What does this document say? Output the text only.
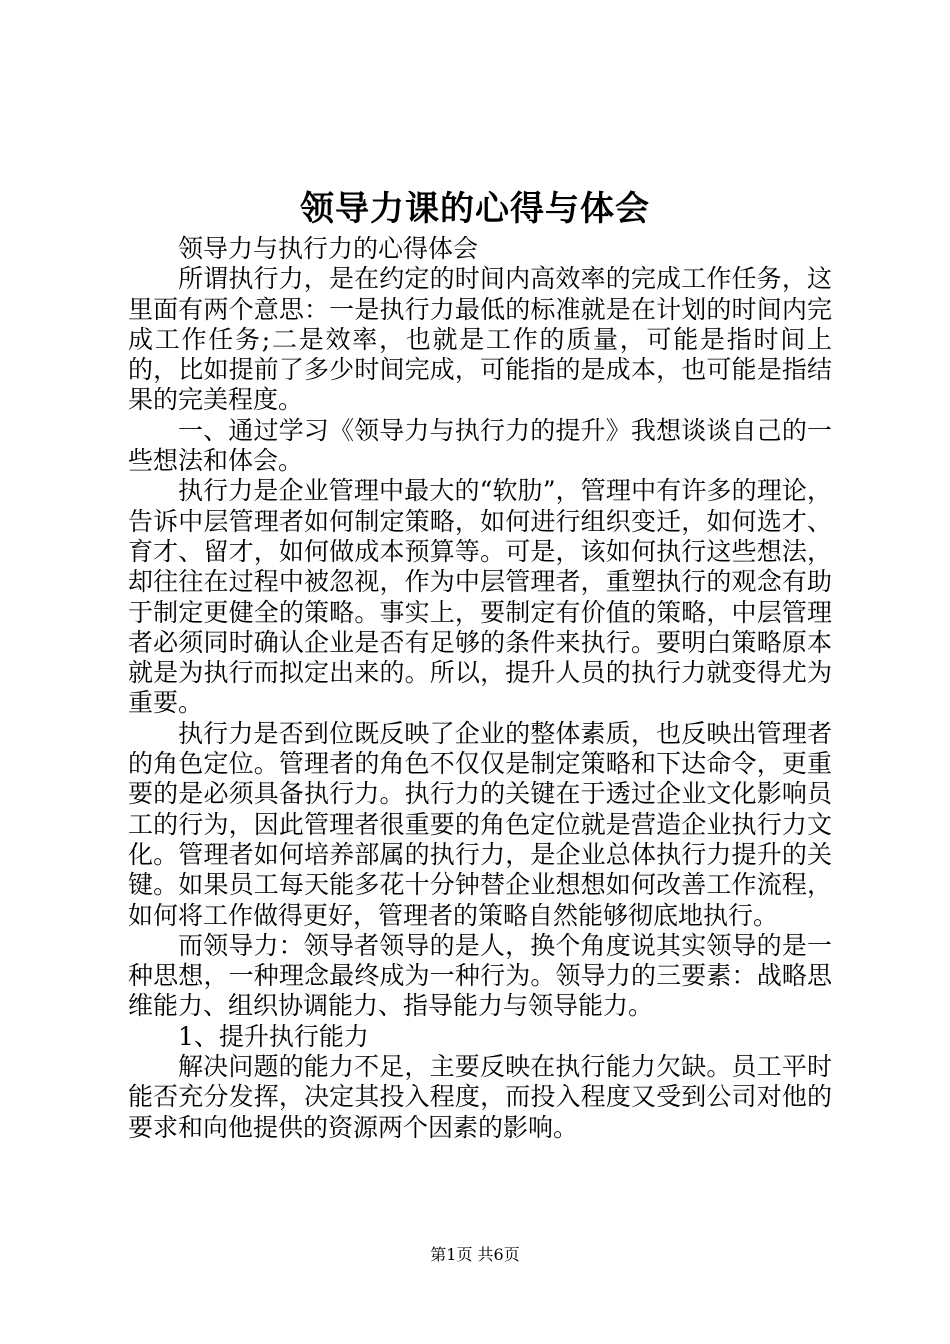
领导力课的心得与体会

领导力与执行力的心得体会

所谓执行力，是在约定的时间内高效率的完成工作任务，这里面有两个意思：一是执行力最低的标准就是在计划的时间内完成工作任务;二是效率，也就是工作的质量，可能是指时间上的，比如提前了多少时间完成，可能指的是成本，也可能是指结果的完美程度。

一、通过学习《领导力与执行力的提升》我想谈谈自己的一些想法和体会。

执行力是企业管理中最大的“软肋”，管理中有许多的理论，告诉中层管理者如何制定策略，如何进行组织变迁，如何选才、育才、留才，如何做成本预算等。可是，该如何执行这些想法，却往往在过程中被忽视，作为中层管理者，重塑执行的观念有助于制定更健全的策略。事实上，要制定有价值的策略，中层管理者必须同时确认企业是否有足够的条件来执行。要明白策略原本就是为执行而拟定出来的。所以，提升人员的执行力就变得尤为重要。

执行力是否到位既反映了企业的整体素质，也反映出管理者的角色定位。管理者的角色不仅仅是制定策略和下达命令，更重要的是必须具备执行力。执行力的关键在于透过企业文化影响员工的行为，因此管理者很重要的角色定位就是营造企业执行力文化。管理者如何培养部属的执行力，是企业总体执行力提升的关键。如果员工每天能多花十分钟替企业想想如何改善工作流程，如何将工作做得更好，管理者的策略自然能够彻底地执行。

而领导力：领导者领导的是人，换个角度说其实领导的是一种思想，一种理念最终成为一种行为。领导力的三要素：战略思维能力、组织协调能力、指导能力与领导能力。

1、提升执行能力

解决问题的能力不足，主要反映在执行能力欠缺。员工平时能否充分发挥，决定其投入程度，而投入程度又受到公司对他的要求和向他提供的资源两个因素的影响。

第1页 共6页
